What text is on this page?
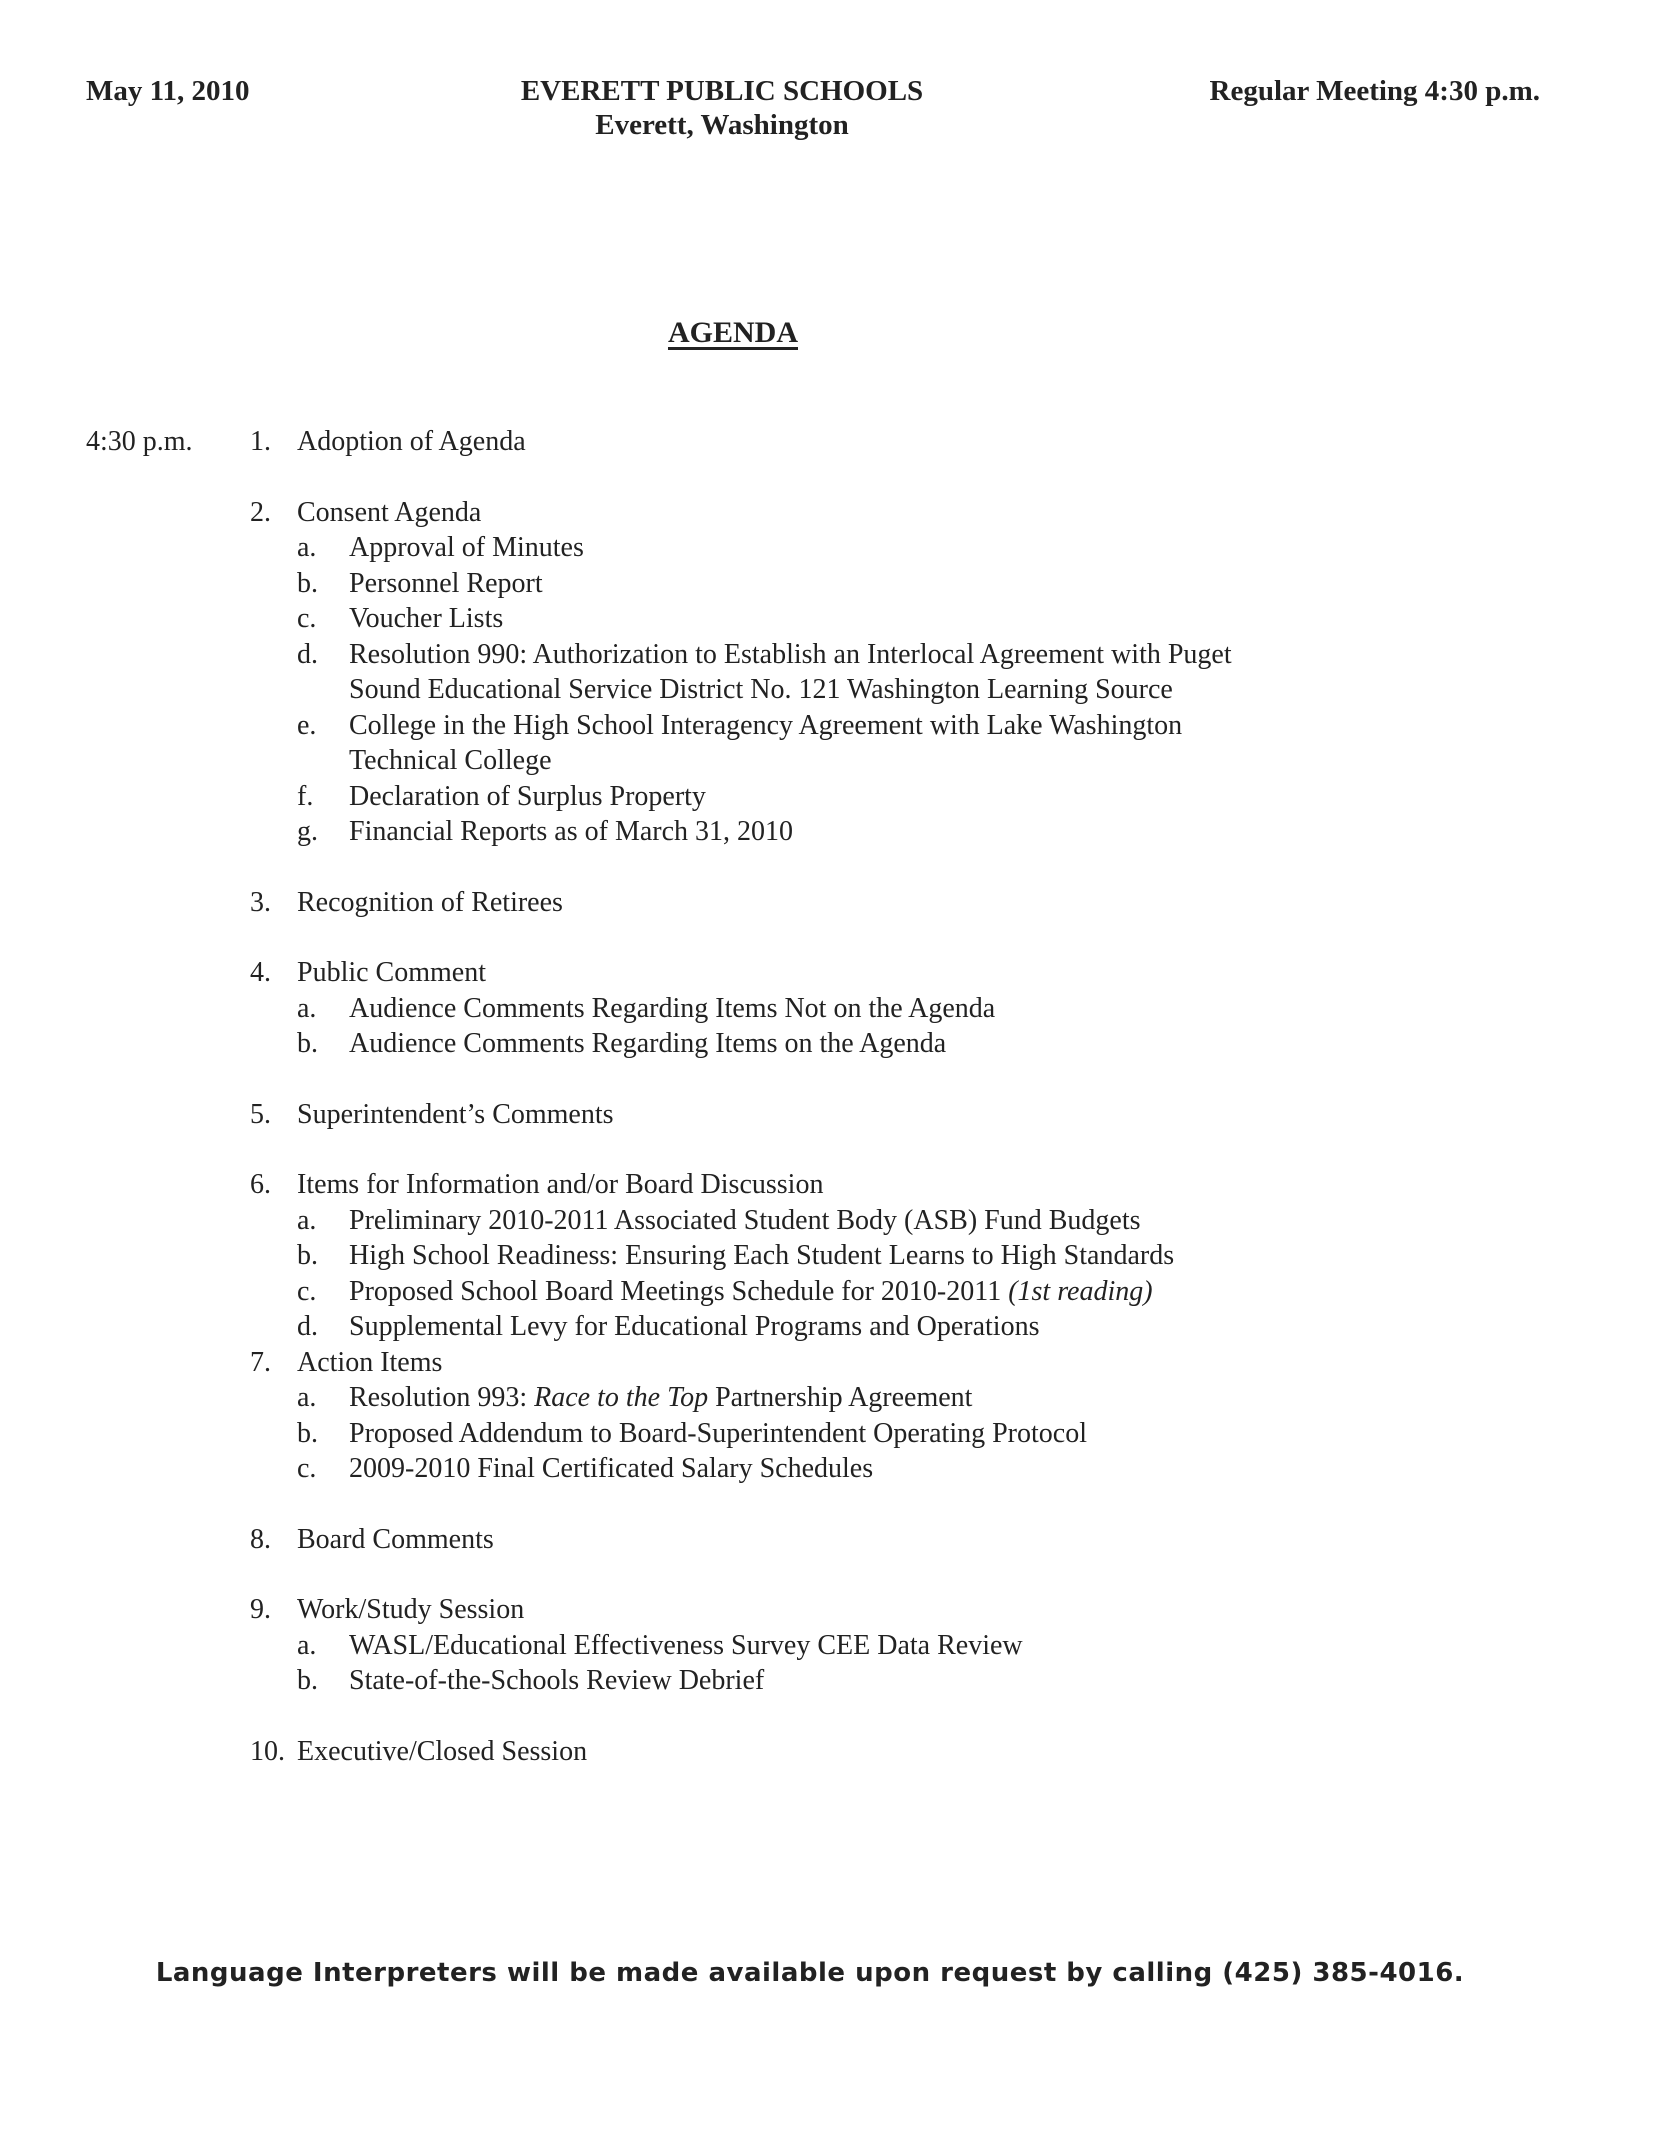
May 11, 2010	EVERETT PUBLIC SCHOOLS
Everett, Washington
Regular Meeting 4:30 p.m.
AGENDA
4:30 p.m. 1. Adoption of Agenda
2. Consent Agenda
a. Approval of Minutes
b. Personnel Report
c. Voucher Lists
d. Resolution 990: Authorization to Establish an Interlocal Agreement with Puget Sound Educational Service District No. 121 Washington Learning Source
e. College in the High School Interagency Agreement with Lake Washington Technical College
f. Declaration of Surplus Property
g. Financial Reports as of March 31, 2010
3. Recognition of Retirees
4. Public Comment
a. Audience Comments Regarding Items Not on the Agenda
b. Audience Comments Regarding Items on the Agenda
5. Superintendent’s Comments
6. Items for Information and/or Board Discussion
a. Preliminary 2010-2011 Associated Student Body (ASB) Fund Budgets
b. High School Readiness: Ensuring Each Student Learns to High Standards
c. Proposed School Board Meetings Schedule for 2010-2011 (1st reading)
d. Supplemental Levy for Educational Programs and Operations
7. Action Items
a. Resolution 993: Race to the Top Partnership Agreement
b. Proposed Addendum to Board-Superintendent Operating Protocol
c. 2009-2010 Final Certificated Salary Schedules
8. Board Comments
9. Work/Study Session
a. WASL/Educational Effectiveness Survey CEE Data Review
b. State-of-the-Schools Review Debrief
10. Executive/Closed Session
Language Interpreters will be made available upon request by calling (425) 385-4016.
